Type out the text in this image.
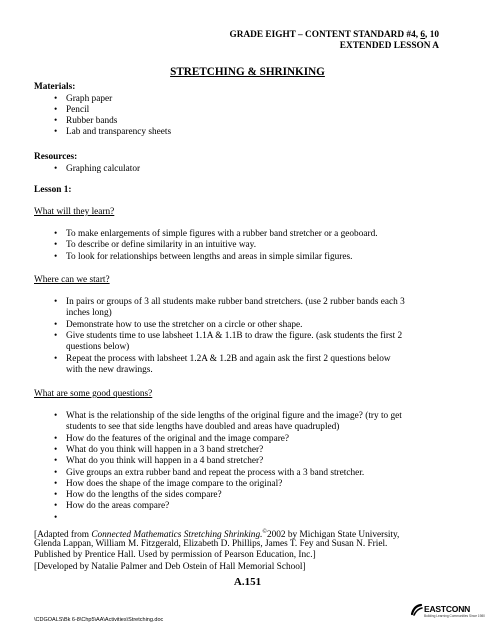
GRADE EIGHT – CONTENT STANDARD #4, 6, 10
EXTENDED LESSON A
STRETCHING & SHRINKING
Materials:
• Graph paper
• Pencil
• Rubber bands
• Lab and transparency sheets
Resources:
• Graphing calculator
Lesson 1:
What will they learn?
• To make enlargements of simple figures with a rubber band stretcher or a geoboard.
• To describe or define similarity in an intuitive way.
• To look for relationships between lengths and areas in simple similar figures.
Where can we start?
• In pairs or groups of 3 all students make rubber band stretchers. (use 2 rubber bands each 3
inches long)
• Demonstrate how to use the stretcher on a circle or other shape.
• Give students time to use labsheet 1.1A & 1.1B to draw the figure. (ask students the first 2
questions below)
• Repeat the process with labsheet 1.2A & 1.2B and again ask the first 2 questions below
with the new drawings.
What are some good questions?
• What is the relationship of the side lengths of the original figure and the image? (try to get
students to see that side lengths have doubled and areas have quadrupled)
• How do the features of the original and the image compare?
• What do you think will happen in a 3 band stretcher?
• What do you think will happen in a 4 band stretcher?
• Give groups an extra rubber band and repeat the process with a 3 band stretcher.
• How does the shape of the image compare to the original?
• How do the lengths of the sides compare?
• How do the areas compare?
•
[Adapted from Connected Mathematics Stretching Shrinking.©2002 by Michigan State University,
Glenda Lappan, William M. Fitzgerald, Elizabeth D. Phillips, James T. Fey and Susan N. Friel.
Published by Prentice Hall. Used by permission of Pearson Education, Inc.]
[Developed by Natalie Palmer and Deb Ostein of Hall Memorial School]
A.151
\CDGOALS\Bk 6-8\Chp5\AA\Activities\Stretching.doc
EASTCONN
Building Learning Communities Since 1980
